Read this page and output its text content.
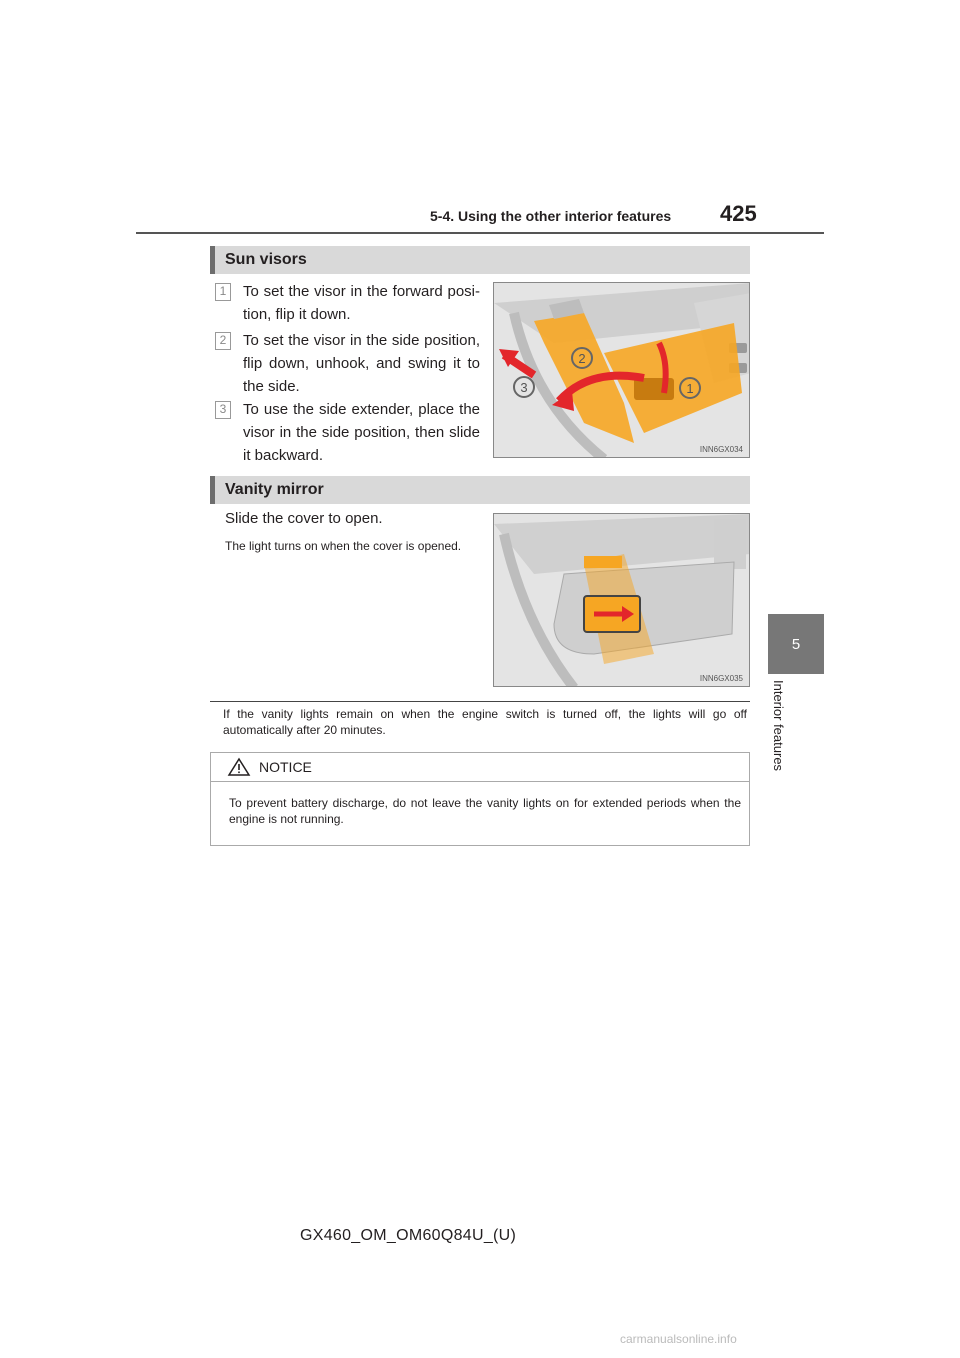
5-4. Using the other interior features 425
5
Interior features
Sun visors
1	To set the visor in the forward posi-tion, flip it down.
2	To set the visor in the side position, flip down, unhook, and swing it to the side.
3	To use the side extender, place the visor in the side position, then slide it backward.
1
2
3
INN6GX034
Vanity mirror
Slide the cover to open.
The light turns on when the cover is opened.
INN6GX035
If the vanity lights remain on when the engine switch is turned off, the lights will go off automatically after 20 minutes.
NOTICE
To prevent battery discharge, do not leave the vanity lights on for extended periods when the engine is not running.
GX460_OM_OM60Q84U_(U)
carmanualsonline.info
